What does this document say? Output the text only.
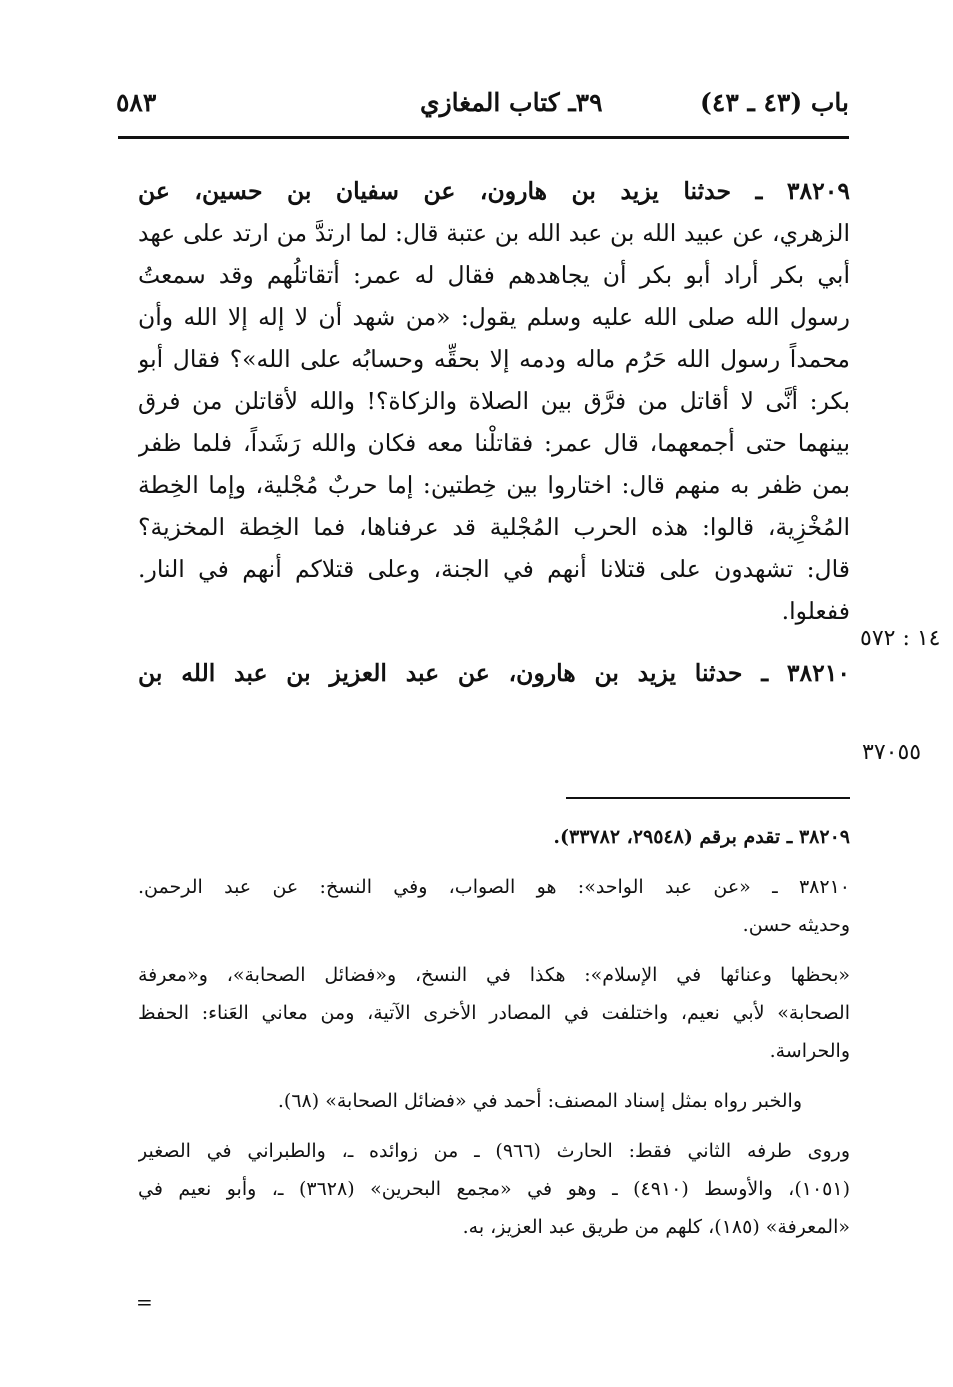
٥٨٣	٣٩ـ كتاب المغازي	باب (٤٣ ـ ٤٣)
٣٨٢٠٩ ـ حدثنا يزيد بن هارون، عن سفيان بن حسين، عن
الزهري، عن عبيد الله بن عبد الله بن عتبة قال: لما ارتدَّ من ارتد على عهد
أبي بكر أراد أبو بكر أن يجاهدهم فقال له عمر: أتقاتلُهم وقد سمعتُ
رسول الله صلى الله عليه وسلم يقول: «من شهد أن لا إله إلا الله وأن
محمداً رسول الله حَرُم ماله ودمه إلا بحقِّه وحسابُه على الله»؟ فقال أبو
بكر: أنَّى لا أقاتل من فرَّق بين الصلاة والزكاة؟! والله لأقاتلن من فرق
بينهما حتى أجمعهما، قال عمر: فقاتلْنا معه فكان والله رَشَداً، فلما ظفر
بمن ظفر به منهم قال: اختاروا بين خِطتين: إما حربٌ مُجْلية، وإما الخِطة
المُخْزِية، قالوا: هذه الحرب المُجْلية قد عرفناها، فما الخِطة المخزية؟
قال: تشهدون على قتلانا أنهم في الجنة، وعلى قتلاكم أنهم في النار.
ففعلوا.
٣٨٢١٠ ـ حدثنا يزيد بن هارون، عن عبد العزيز بن عبد الله بن
١٤ : ٥٧٢
٣٧٠٥٥
٣٨٢٠٩ ـ تقدم برقم (٢٩٥٤٨، ٣٣٧٨٢).
٣٨٢١٠ ـ «عن عبد الواحد»: هو الصواب، وفي النسخ: عن عبد الرحمن.
وحديثه حسن.
«بحظها وعنائها في الإسلام»: هكذا في النسخ، و«فضائل الصحابة»، و«معرفة
الصحابة» لأبي نعيم، واختلفت في المصادر الأخرى الآتية، ومن معاني العَناء: الحفظ
والحراسة.
والخبر رواه بمثل إسناد المصنف: أحمد في «فضائل الصحابة» (٦٨).
وروى طرفه الثاني فقط: الحارث (٩٦٦) ـ من زوائده ـ، والطبراني في الصغير
(١٠٥١)، والأوسط (٤٩١٠) ـ وهو في «مجمع البحرين» (٣٦٢٨) ـ، وأبو نعيم في
«المعرفة» (١٨٥)، كلهم من طريق عبد العزيز، به.
=
